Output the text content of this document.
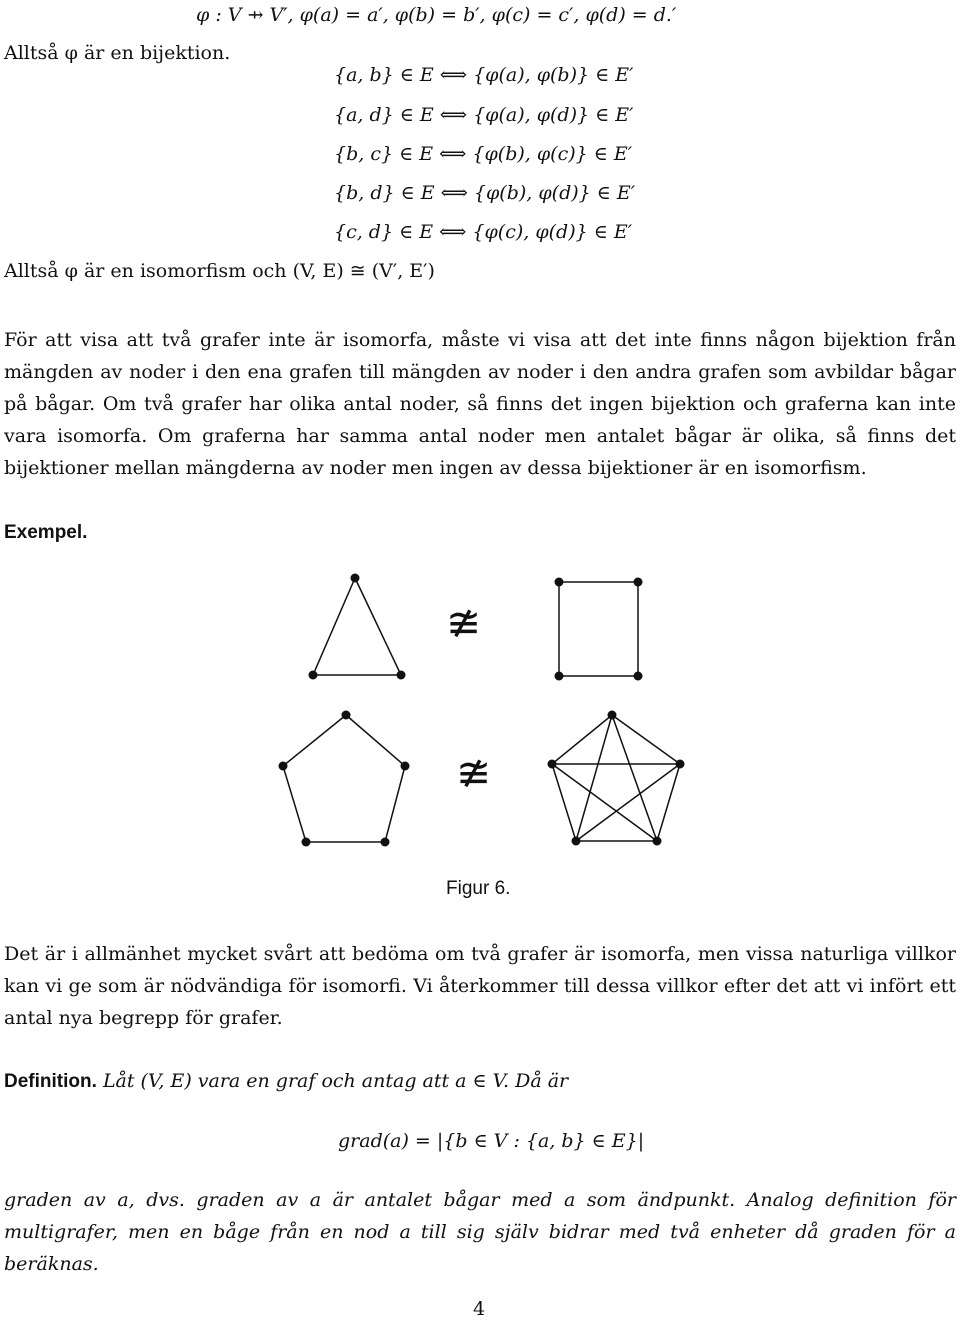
φ : V ⇸ V′, φ(a) = a′, φ(b) = b′, φ(c) = c′, φ(d) = d.′
Alltså φ är en bijektion.
{a, b} ∈ E ⟺ {φ(a), φ(b)} ∈ E′
{a, d} ∈ E ⟺ {φ(a), φ(d)} ∈ E′
{b, c} ∈ E ⟺ {φ(b), φ(c)} ∈ E′
{b, d} ∈ E ⟺ {φ(b), φ(d)} ∈ E′
{c, d} ∈ E ⟺ {φ(c), φ(d)} ∈ E′
Alltså φ är en isomorfism och (V, E) ≅ (V′, E′)
För att visa att två grafer inte är isomorfa, måste vi visa att det inte finns någon bijektion från mängden av noder i den ena grafen till mängden av noder i den andra grafen som avbildar bågar på bågar. Om två grafer har olika antal noder, så finns det ingen bijektion och graferna kan inte vara isomorfa. Om graferna har samma antal noder men antalet bågar är olika, så finns det bijektioner mellan mängderna av noder men ingen av dessa bijektioner är en isomorfism.
Exempel.
≇
≇
Figur 6.
Det är i allmänhet mycket svårt att bedöma om två grafer är isomorfa, men vissa naturliga villkor kan vi ge som är nödvändiga för isomorfi. Vi återkommer till dessa villkor efter det att vi infört ett antal nya begrepp för grafer.
Definition. Låt (V, E) vara en graf och antag att a ∈ V. Då är
grad(a) = |{b ∈ V : {a, b} ∈ E}|
graden av a, dvs. graden av a är antalet bågar med a som ändpunkt. Analog definition för multigrafer, men en båge från en nod a till sig själv bidrar med två enheter då graden för a beräknas.
4
